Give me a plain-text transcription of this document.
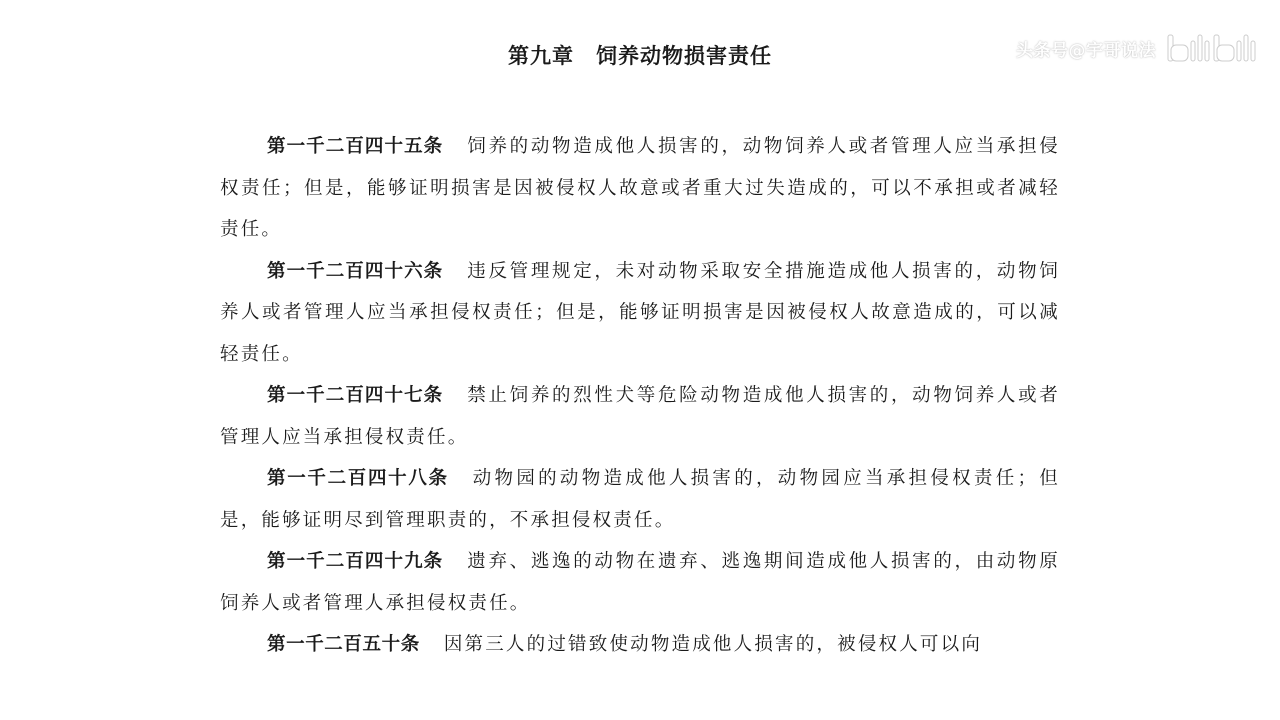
第九章　饲养动物损害责任

第一千二百四十五条 饲养的动物造成他人损害的，动物饲养人或者管理人应当承担侵权责任；但是，能够证明损害是因被侵权人故意或者重大过失造成的，可以不承担或者减轻责任。

第一千二百四十六条 违反管理规定，未对动物采取安全措施造成他人损害的，动物饲养人或者管理人应当承担侵权责任；但是，能够证明损害是因被侵权人故意造成的，可以减轻责任。

第一千二百四十七条 禁止饲养的烈性犬等危险动物造成他人损害的，动物饲养人或者管理人应当承担侵权责任。

第一千二百四十八条 动物园的动物造成他人损害的，动物园应当承担侵权责任；但是，能够证明尽到管理职责的，不承担侵权责任。

第一千二百四十九条 遗弃、逃逸的动物在遗弃、逃逸期间造成他人损害的，由动物原饲养人或者管理人承担侵权责任。

第一千二百五十条 因第三人的过错致使动物造成他人损害的，被侵权人可以向

头条号@宇哥说法
